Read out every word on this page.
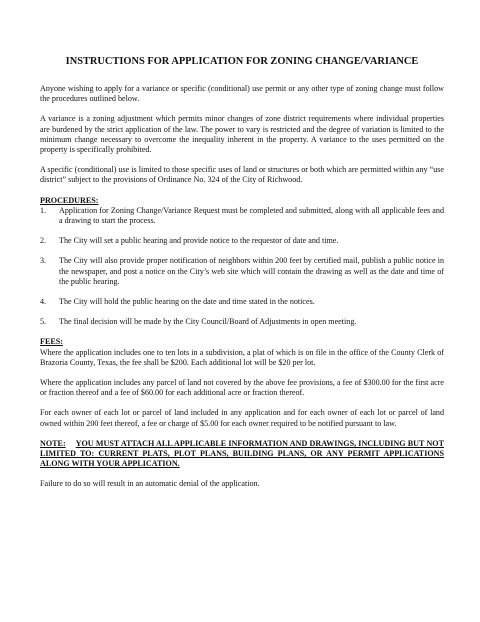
INSTRUCTIONS FOR APPLICATION FOR ZONING CHANGE/VARIANCE

Anyone wishing to apply for a variance or specific (conditional) use permit or any other type of zoning change must follow the procedures outlined below.

A variance is a zoning adjustment which permits minor changes of zone district requirements where individual properties are burdened by the strict application of the law. The power to vary is restricted and the degree of variation is limited to the minimum change necessary to overcome the inequality inherent in the property. A variance to the uses permitted on the property is specifically prohibited.

A specific (conditional) use is limited to those specific uses of land or structures or both which are permitted within any “use district” subject to the provisions of Ordinance No. 324 of the City of Richwood.

PROCEDURES:
1.	Application for Zoning Change/Variance Request must be completed and submitted, along with all applicable fees and a drawing to start the process.
2.	The City will set a public hearing and provide notice to the requestor of date and time.
3.	The City will also provide proper notification of neighbors within 200 feet by certified mail, publish a public notice in the newspaper, and post a notice on the City’s web site which will contain the drawing as well as the date and time of the public hearing.
4.	The City will hold the public hearing on the date and time stated in the notices.
5.	The final decision will be made by the City Council/Board of Adjustments in open meeting.
FEES:

Where the application includes one to ten lots in a subdivision, a plat of which is on file in the office of the County Clerk of Brazoria County, Texas, the fee shall be $200. Each additional lot will be $20 per lot.

Where the application includes any parcel of land not covered by the above fee provisions, a fee of $300.00 for the first acre or fraction thereof and a fee of $60.00 for each additional acre or fraction thereof.

For each owner of each lot or parcel of land included in any application and for each owner of each lot or parcel of land owned within 200 feet thereof, a fee or charge of $5.00 for each owner required to be notified pursuant to law.

NOTE: YOU MUST ATTACH ALL APPLICABLE INFORMATION AND DRAWINGS, INCLUDING BUT NOT LIMITED TO: CURRENT PLATS, PLOT PLANS, BUILDING PLANS, OR ANY PERMIT APPLICATIONS ALONG WITH YOUR APPLICATION.

Failure to do so will result in an automatic denial of the application.
